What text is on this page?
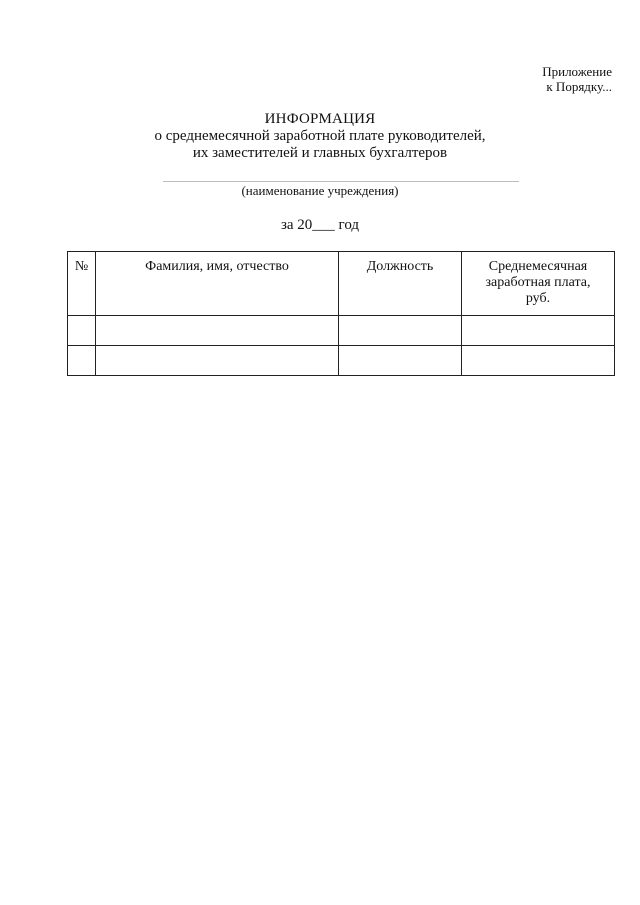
Приложение
к Порядку...
ИНФОРМАЦИЯ
о среднемесячной заработной плате руководителей,
их заместителей и главных бухгалтеров
(наименование учреждения)
за 20___ год
№	Фамилия, имя, отчество	Должность	Среднемесячная
заработная плата,
руб.
